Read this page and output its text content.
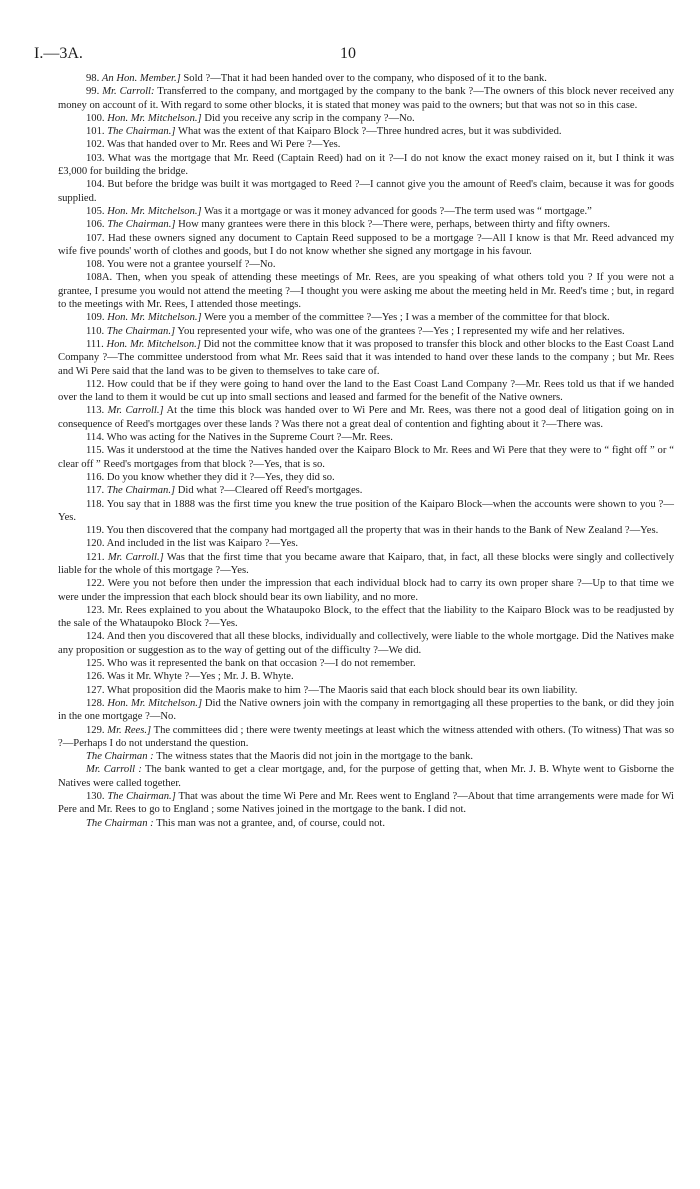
I.—3A.	10

98. An Hon. Member.] Sold ?—That it had been handed over to the company, who disposed of it to the bank.

99. Mr. Carroll: Transferred to the company, and mortgaged by the company to the bank ?—The owners of this block never received any money on account of it. With regard to some other blocks, it is stated that money was paid to the owners; but that was not so in this case.

100. Hon. Mr. Mitchelson.] Did you receive any scrip in the company ?—No.

101. The Chairman.] What was the extent of that Kaiparo Block ?—Three hundred acres, but it was subdivided.

102. Was that handed over to Mr. Rees and Wi Pere ?—Yes.

103. What was the mortgage that Mr. Reed (Captain Reed) had on it ?—I do not know the exact money raised on it, but I think it was £3,000 for building the bridge.

104. But before the bridge was built it was mortgaged to Reed ?—I cannot give you the amount of Reed's claim, because it was for goods supplied.

105. Hon. Mr. Mitchelson.] Was it a mortgage or was it money advanced for goods ?—The term used was “ mortgage.”

106. The Chairman.] How many grantees were there in this block ?—There were, perhaps, between thirty and fifty owners.

107. Had these owners signed any document to Captain Reed supposed to be a mortgage ?—All I know is that Mr. Reed advanced my wife five pounds' worth of clothes and goods, but I do not know whether she signed any mortgage in his favour.

108. You were not a grantee yourself ?—No.

108A. Then, when you speak of attending these meetings of Mr. Rees, are you speaking of what others told you ? If you were not a grantee, I presume you would not attend the meeting ?—I thought you were asking me about the meeting held in Mr. Reed's time ; but, in regard to the meetings with Mr. Rees, I attended those meetings.

109. Hon. Mr. Mitchelson.] Were you a member of the committee ?—Yes ; I was a member of the committee for that block.

110. The Chairman.] You represented your wife, who was one of the grantees ?—Yes ; I represented my wife and her relatives.

111. Hon. Mr. Mitchelson.] Did not the committee know that it was proposed to transfer this block and other blocks to the East Coast Land Company ?—The committee understood from what Mr. Rees said that it was intended to hand over these lands to the company ; but Mr. Rees and Wi Pere said that the land was to be given to themselves to take care of.

112. How could that be if they were going to hand over the land to the East Coast Land Company ?—Mr. Rees told us that if we handed over the land to them it would be cut up into small sections and leased and farmed for the benefit of the Native owners.

113. Mr. Carroll.] At the time this block was handed over to Wi Pere and Mr. Rees, was there not a good deal of litigation going on in consequence of Reed's mortgages over these lands ? Was there not a great deal of contention and fighting about it ?—There was.

114. Who was acting for the Natives in the Supreme Court ?—Mr. Rees.

115. Was it understood at the time the Natives handed over the Kaiparo Block to Mr. Rees and Wi Pere that they were to “ fight off ” or “ clear off ” Reed's mortgages from that block ?—Yes, that is so.

116. Do you know whether they did it ?—Yes, they did so.

117. The Chairman.] Did what ?—Cleared off Reed's mortgages.

118. You say that in 1888 was the first time you knew the true position of the Kaiparo Block—when the accounts were shown to you ?—Yes.

119. You then discovered that the company had mortgaged all the property that was in their hands to the Bank of New Zealand ?—Yes.

120. And included in the list was Kaiparo ?—Yes.

121. Mr. Carroll.] Was that the first time that you became aware that Kaiparo, that, in fact, all these blocks were singly and collectively liable for the whole of this mortgage ?—Yes.

122. Were you not before then under the impression that each individual block had to carry its own proper share ?—Up to that time we were under the impression that each block should bear its own liability, and no more.

123. Mr. Rees explained to you about the Whataupoko Block, to the effect that the liability to the Kaiparo Block was to be readjusted by the sale of the Whataupoko Block ?—Yes.

124. And then you discovered that all these blocks, individually and collectively, were liable to the whole mortgage. Did the Natives make any proposition or suggestion as to the way of getting out of the difficulty ?—We did.

125. Who was it represented the bank on that occasion ?—I do not remember.

126. Was it Mr. Whyte ?—Yes ; Mr. J. B. Whyte.

127. What proposition did the Maoris make to him ?—The Maoris said that each block should bear its own liability.

128. Hon. Mr. Mitchelson.] Did the Native owners join with the company in remortgaging all these properties to the bank, or did they join in the one mortgage ?—No.

129. Mr. Rees.] The committees did ; there were twenty meetings at least which the witness attended with others. (To witness) That was so ?—Perhaps I do not understand the question.

The Chairman : The witness states that the Maoris did not join in the mortgage to the bank.

Mr. Carroll : The bank wanted to get a clear mortgage, and, for the purpose of getting that, when Mr. J. B. Whyte went to Gisborne the Natives were called together.

130. The Chairman.] That was about the time Wi Pere and Mr. Rees went to England ?—About that time arrangements were made for Wi Pere and Mr. Rees to go to England ; some Natives joined in the mortgage to the bank. I did not.

The Chairman : This man was not a grantee, and, of course, could not.
